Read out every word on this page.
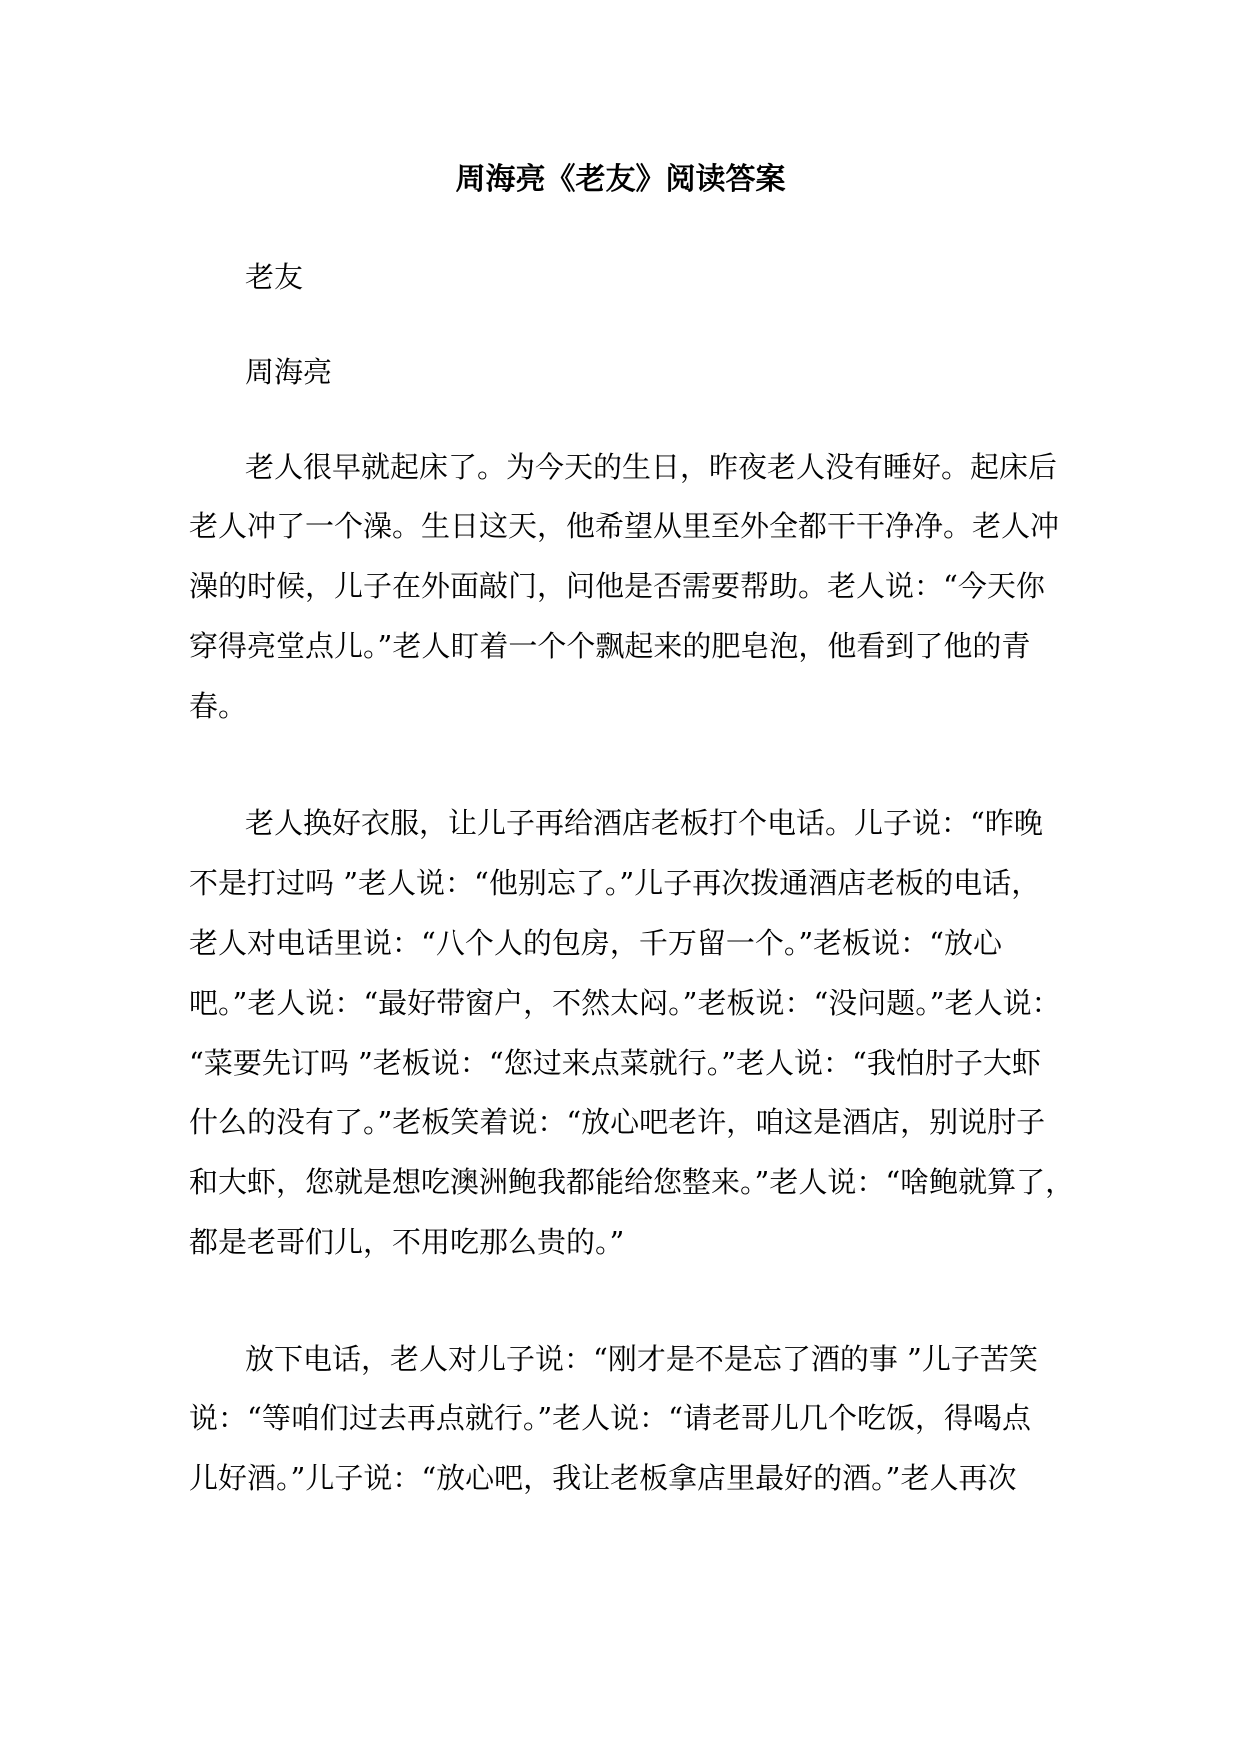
周海亮《老友》阅读答案
老友
周海亮
老人很早就起床了。为今天的生日，昨夜老人没有睡好。起床后
老人冲了一个澡。生日这天，他希望从里至外全都干干净净。老人冲
澡的时候，儿子在外面敲门，问他是否需要帮助。老人说：“今天你
穿得亮堂点儿。”老人盯着一个个飘起来的肥皂泡，他看到了他的青
春。
老人换好衣服，让儿子再给酒店老板打个电话。儿子说：“昨晚
不是打过吗 ”老人说：“他别忘了。”儿子再次拨通酒店老板的电话，
老人对电话里说：“八个人的包房，千万留一个。”老板说：“放心
吧。”老人说：“最好带窗户，不然太闷。”老板说：“没问题。”老人说：
“菜要先订吗 ”老板说：“您过来点菜就行。”老人说：“我怕肘子大虾
什么的没有了。”老板笑着说：“放心吧老许，咱这是酒店，别说肘子
和大虾，您就是想吃澳洲鲍我都能给您整来。”老人说：“啥鲍就算了，
都是老哥们儿，不用吃那么贵的。”
放下电话，老人对儿子说：“刚才是不是忘了酒的事 ”儿子苦笑
说：“等咱们过去再点就行。”老人说：“请老哥儿几个吃饭，得喝点
儿好酒。”儿子说：“放心吧，我让老板拿店里最好的酒。”老人再次
